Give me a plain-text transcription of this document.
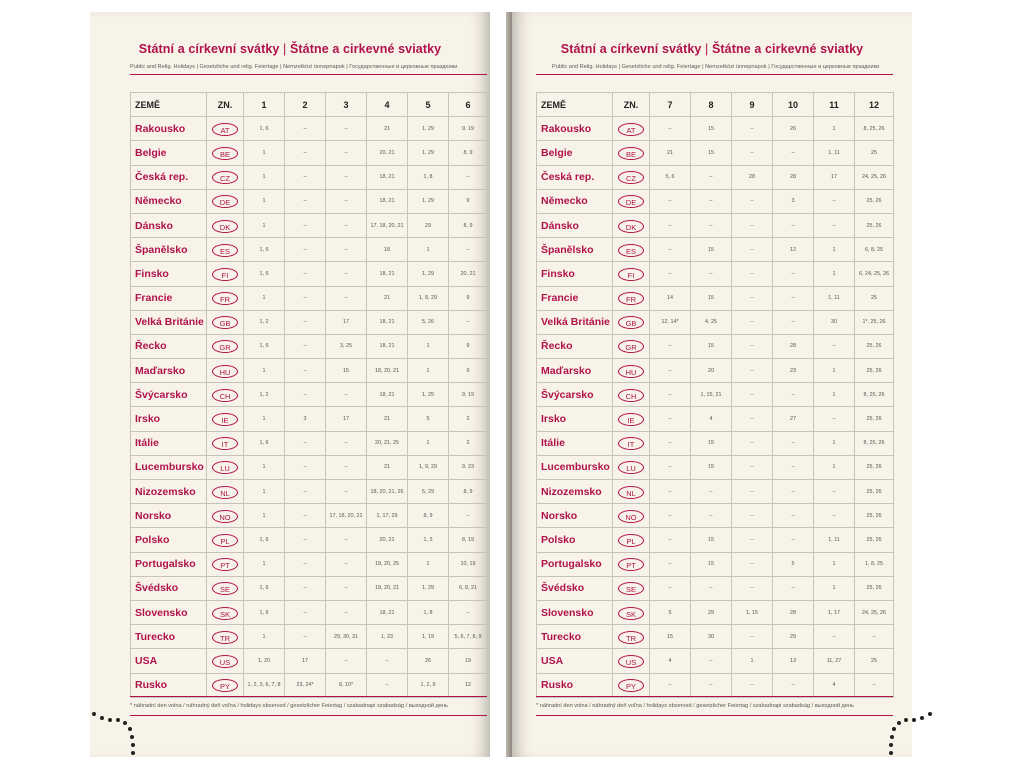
Státní a církevní svátky | Štátne a cirkevné sviatky
Public and Relig. Holidays | Gesetzliche und relig. Feiertage | Nemzetközi ünnepnapok | Государственные и церковные праздники
ZEMĚ	ZN.	1	2	3	4	5	6
Rakousko	AT	1, 6	–	–	21	1, 29	9, 19
Belgie	BE	1	–	–	20, 21	1, 29	8, 9
Česká rep.	CZ	1	–	–	18, 21	1, 8	–
Německo	DE	1	–	–	18, 21	1, 29	9
Dánsko	DK	1	–	–	17, 18, 20, 21	29	8, 9
Španělsko	ES	1, 6	–	–	18	1	–
Finsko	FI	1, 6	–	–	18, 21	1, 29	20, 21
Francie	FR	1	–	–	21	1, 8, 29	9
Velká Británie	GB	1, 2	–	17	18, 21	5, 26	–
Řecko	GR	1, 6	–	3, 25	18, 21	1	9
Maďarsko	HU	1	–	15	18, 20, 21	1	9
Švýcarsko	CH	1, 2	–	–	18, 21	1, 25	9, 19
Irsko	IE	1	3	17	21	5	2
Itálie	IT	1, 6	–	–	20, 21, 25	1	2
Lucembursko	LU	1	–	–	21	1, 9, 29	9, 23
Nizozemsko	NL	1	–	–	18, 20, 21, 26	5, 29	8, 9
Norsko	NO	1	–	17, 18, 20, 21	1, 17, 29	8, 9	–
Polsko	PL	1, 6	–	–	20, 21	1, 3	8, 19
Portugalsko	PT	1	–	–	18, 20, 25	1	10, 19
Švédsko	SE	1, 6	–	–	18, 20, 21	1, 29	6, 8, 21
Slovensko	SK	1, 6	–	–	18, 21	1, 8	–
Turecko	TR	1	–	29, 30, 31	1, 23	1, 19	5, 6, 7, 8, 9
USA	US	1, 20	17	–	–	26	19
Rusko	PY	1, 2, 3, 6, 7, 8	23, 24*	8, 10*	–	1, 2, 9	12
* náhradní den volna / náhradný deň voľna / holidays observed / gesetzlicher Feiertag / szabadnapi szabadság / выходной день
Státní a církevní svátky | Štátne a cirkevné sviatky
Public and Relig. Holidays | Gesetzliche und relig. Feiertage | Nemzetközi ünnepnapok | Государственные и церковные праздники
ZEMĚ	ZN.	7	8	9	10	11	12
Rakousko	AT	–	15	–	26	1	8, 25, 26
Belgie	BE	21	15	–	–	1, 11	25
Česká rep.	CZ	5, 6	–	28	28	17	24, 25, 26
Německo	DE	–	–	–	3	–	25, 26
Dánsko	DK	–	–	–	–	–	25, 26
Španělsko	ES	–	15	–	12	1	6, 8, 25
Finsko	FI	–	–	–	–	1	6, 24, 25, 26
Francie	FR	14	15	–	–	1, 11	25
Velká Británie	GB	12, 14*	4, 25	–	–	30	1*, 25, 26
Řecko	GR	–	15	–	28	–	25, 26
Maďarsko	HU	–	20	–	23	1	25, 26
Švýcarsko	CH	–	1, 15, 21	–	–	1	8, 25, 26
Irsko	IE	–	4	–	27	–	25, 26
Itálie	IT	–	15	–	–	1	8, 25, 26
Lucembursko	LU	–	15	–	–	1	25, 26
Nizozemsko	NL	–	–	–	–	–	25, 26
Norsko	NO	–	–	–	–	–	25, 26
Polsko	PL	–	15	–	–	1, 11	25, 26
Portugalsko	PT	–	15	–	5	1	1, 8, 25
Švédsko	SE	–	–	–	–	1	25, 26
Slovensko	SK	5	29	1, 15	28	1, 17	24, 25, 26
Turecko	TR	15	30	–	29	–	–
USA	US	4	–	1	13	11, 27	25
Rusko	PY	–	–	–	–	4	–
* náhradní den volna / náhradný deň voľna / holidays observed / gesetzlicher Feiertag / szabadnapi szabadság / выходной день
